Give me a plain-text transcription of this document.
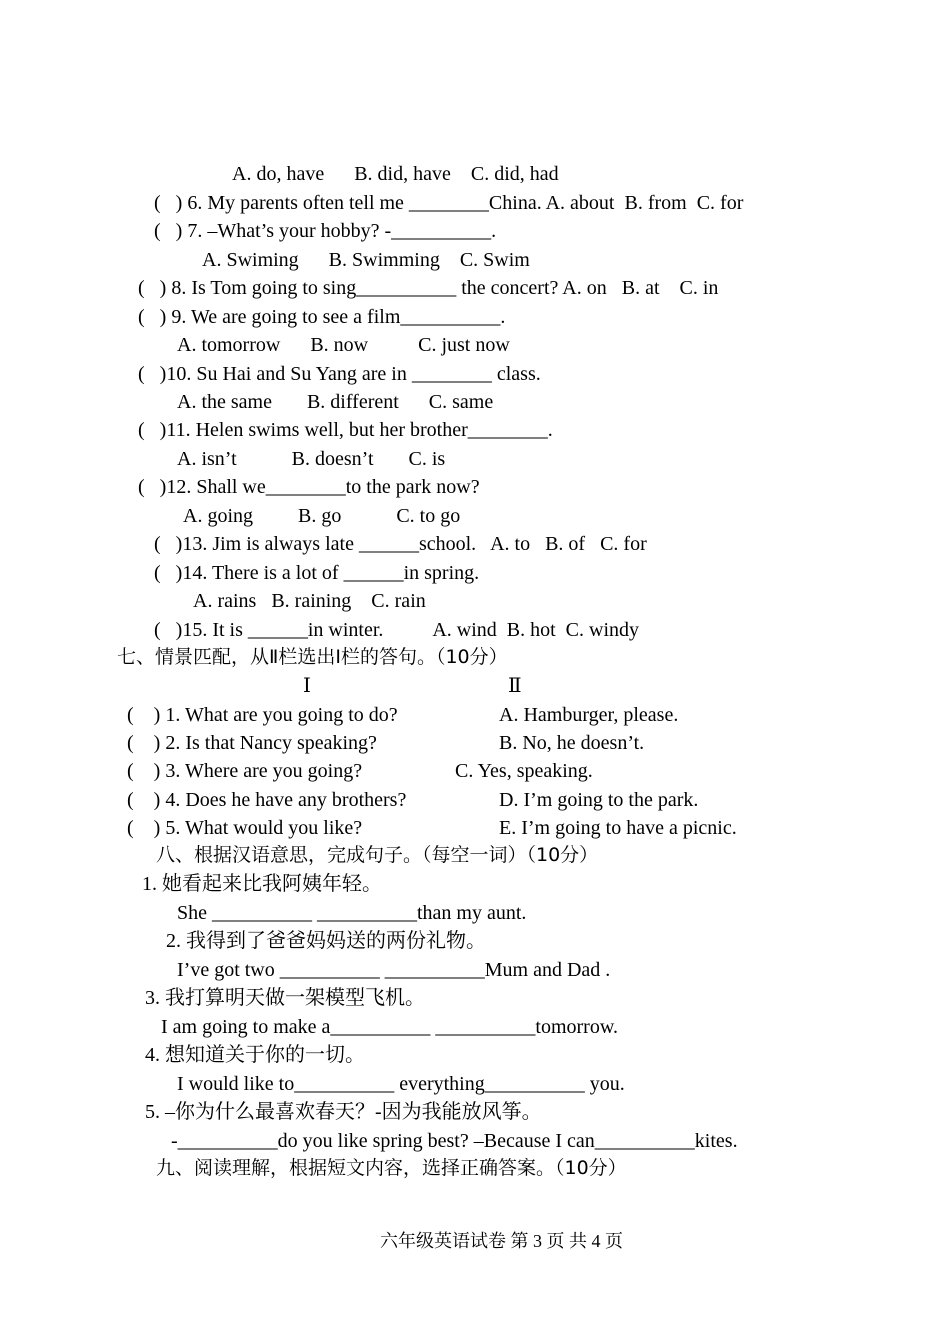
A. do, have      B. did, have    C. did, had
(   ) 6. My parents often tell me ________China. A. about  B. from  C. for
(   ) 7. –What’s your hobby? -__________.
A. Swiming      B. Swimming    C. Swim
(   ) 8. Is Tom going to sing__________ the concert? A. on   B. at    C. in
(   ) 9. We are going to see a film__________.
A. tomorrow      B. now          C. just now
(   )10. Su Hai and Su Yang are in ________ class.
A. the same       B. different      C. same
(   )11. Helen swims well, but her brother________.
A. isn’t           B. doesn’t       C. is
(   )12. Shall we________to the park now?
A. going         B. go           C. to go
(   )13. Jim is always late ______school.   A. to   B. of   C. for
(   )14. There is a lot of ______in spring.
A. rains   B. raining    C. rain
(   )15. It is ______in winter.          A. wind  B. hot  C. windy
七、情景匹配，从Ⅱ栏选出Ⅰ栏的答句。（10分）
Ⅰ	Ⅱ
(    ) 1. What are you going to do?	A. Hamburger, please.
(    ) 2. Is that Nancy speaking?	B. No, he doesn’t.
(    ) 3. Where are you going?	C. Yes, speaking.
(    ) 4. Does he have any brothers?	D. I’m going to the park.
(    ) 5. What would you like?	E. I’m going to have a picnic.
八、根据汉语意思，完成句子。（每空一词）（10分）
1. 她看起来比我阿姨年轻。
She __________ __________than my aunt.
2. 我得到了爸爸妈妈送的两份礼物。
I’ve got two __________ __________Mum and Dad .
3. 我打算明天做一架模型飞机。
I am going to make a__________ __________tomorrow.
4. 想知道关于你的一切。
I would like to__________ everything__________ you.
5. –你为什么最喜欢春天？-因为我能放风筝。
-__________do you like spring best? –Because I can__________kites.
九、阅读理解，根据短文内容，选择正确答案。（10分）
六年级英语试卷 第 3 页 共 4 页
